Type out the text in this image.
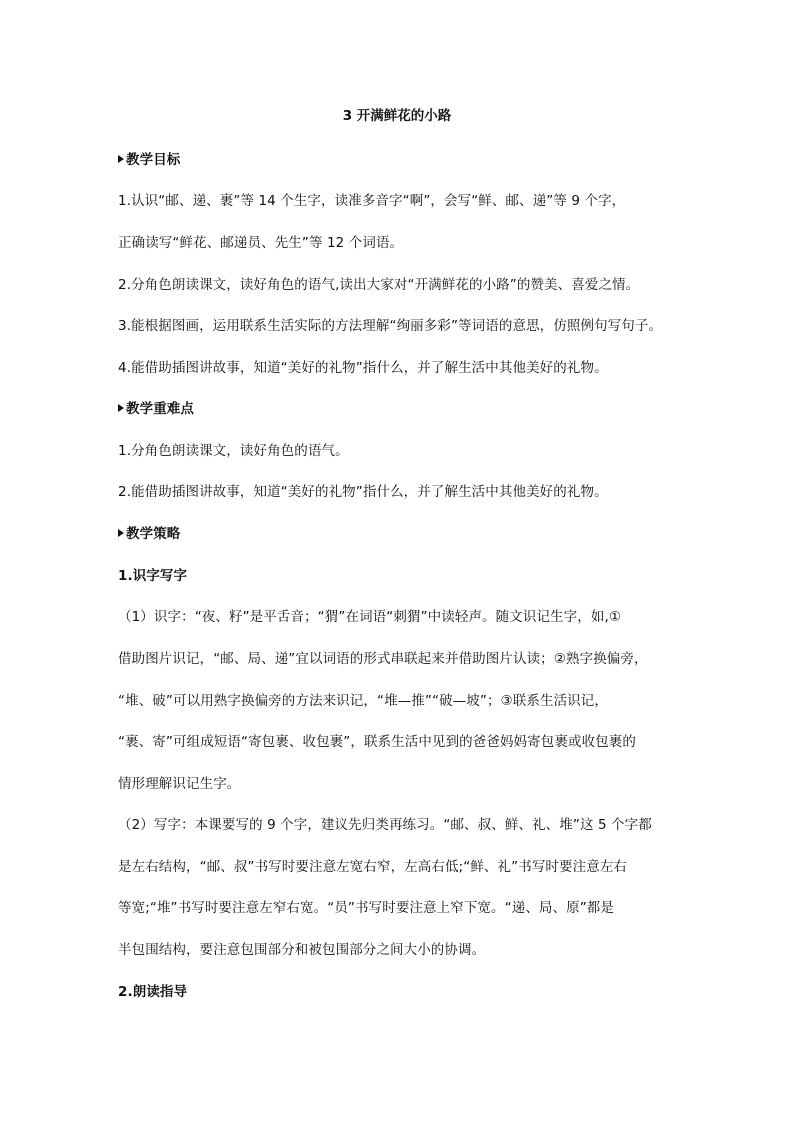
3 开满鲜花的小路
教学目标
1.认识“邮、递、裹”等 14 个生字，读准多音字“啊”，会写“鲜、邮、递”等 9 个字，
正确读写“鲜花、邮递员、先生”等 12 个词语。
2.分角色朗读课文，读好角色的语气,读出大家对“开满鲜花的小路”的赞美、喜爱之情。
3.能根据图画，运用联系生活实际的方法理解“绚丽多彩”等词语的意思，仿照例句写句子。
4.能借助插图讲故事，知道“美好的礼物”指什么，并了解生活中其他美好的礼物。
教学重难点
1.分角色朗读课文，读好角色的语气。
2.能借助插图讲故事，知道“美好的礼物”指什么，并了解生活中其他美好的礼物。
教学策略
1.识字写字
（1）识字：“夜、籽”是平舌音；“猬”在词语“刺猬”中读轻声。随文识记生字，如,①
借助图片识记，“邮、局、递”宜以词语的形式串联起来并借助图片认读；②熟字换偏旁，
“堆、破”可以用熟字换偏旁的方法来识记，“堆—推”“破—坡”；③联系生活识记，
“裹、寄”可组成短语“寄包裹、收包裹”，联系生活中见到的爸爸妈妈寄包裹或收包裹的
情形理解识记生字。
（2）写字：本课要写的 9 个字，建议先归类再练习。“邮、叔、鲜、礼、堆”这 5 个字都
是左右结构，“邮、叔”书写时要注意左宽右窄，左高右低;“鲜、礼”书写时要注意左右
等宽;“堆”书写时要注意左窄右宽。“员”书写时要注意上窄下宽。“递、局、原”都是
半包围结构，要注意包围部分和被包围部分之间大小的协调。
2.朗读指导
